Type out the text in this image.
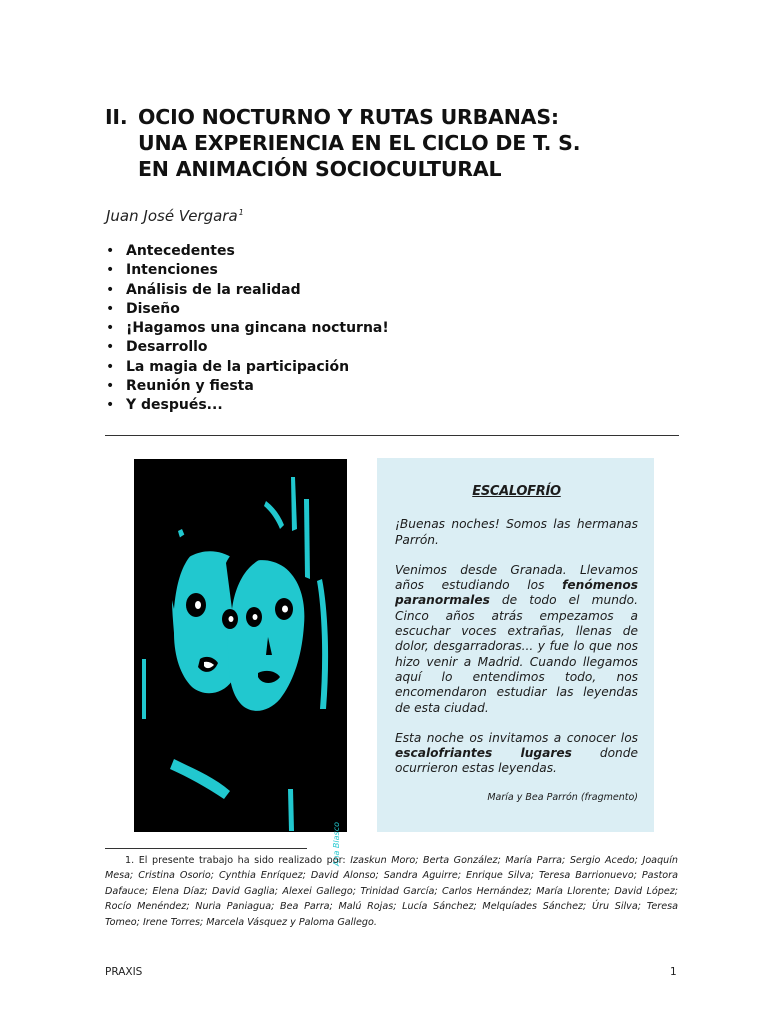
II. OCIO NOCTURNO Y RUTAS URBANAS:
UNA EXPERIENCIA EN EL CICLO DE T. S.
EN ANIMACIÓN SOCIOCULTURAL
Juan José Vergara$^1$
• Antecedentes
• Intenciones
• Análisis de la realidad
• Diseño
• ¡Hagamos una gincana nocturna!
• Desarrollo
• La magia de la participación
• Reunión y fiesta
• Y después...
Ana Blasco
ESCALOFRÍO

¡Buenas noches! Somos las hermanas Parrón.

Venimos desde Granada. Llevamos años estudiando los fenómenos paranormales de todo el mundo. Cinco años atrás empezamos a escuchar voces extrañas, llenas de dolor, desgarradoras... y fue lo que nos hizo venir a Madrid. Cuando llegamos aquí lo entendimos todo, nos encomendaron estudiar las leyendas de esta ciudad.

Esta noche os invitamos a conocer los escalofriantes lugares donde ocurrieron estas leyendas.

María y Bea Parrón (fragmento)
1. El presente trabajo ha sido realizado por: Izaskun Moro; Berta González; María Parra; Sergio Acedo; Joaquín Mesa; Cristina Osorio; Cynthia Enríquez; David Alonso; Sandra Aguirre; Enrique Silva; Teresa Barrionuevo; Pastora Dafauce; Elena Díaz; David Gaglia; Alexei Gallego; Trinidad García; Carlos Hernández; María Llorente; David López; Rocío Menéndez; Nuria Paniagua; Bea Parra; Malú Rojas; Lucía Sánchez; Melquíades Sánchez; Úru Silva; Teresa Tomeo; Irene Torres; Marcela Vásquez y Paloma Gallego.
PRAXIS	1
